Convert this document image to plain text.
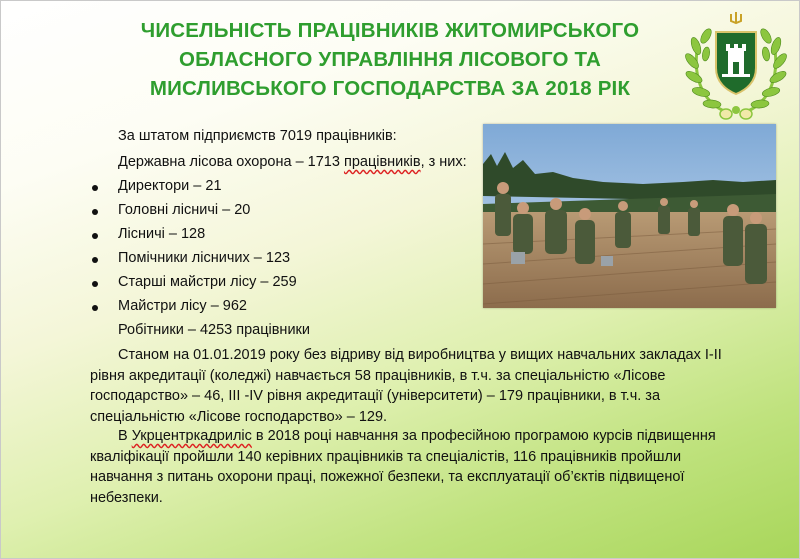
ЧИСЕЛЬНІСТЬ ПРАЦІВНИКІВ ЖИТОМИРСЬКОГО
ОБЛАСНОГО УПРАВЛІННЯ ЛІСОВОГО ТА
МИСЛИВСЬКОГО ГОСПОДАРСТВА ЗА 2018 РІК
За штатом підприємств 7019 працівників:
Державна лісова охорона – 1713 працівників, з них:
Директори – 21
Головні лісничі – 20
Лісничі – 128
Помічники лісничих – 123
Старші майстри лісу – 259
Майстри лісу – 962
Робітники – 4253 працівники
Станом на 01.01.2019 року без відриву від виробництва у вищих навчальних закладах І-ІІ
рівня акредитації (коледжі) навчається 58 працівників, в т.ч. за спеціальністю «Лісове
господарство» – 46, ІІІ -ІV рівня акредитації (університети) – 179 працівники, в т.ч. за
спеціальністю «Лісове господарство» – 129.
В Укрцентркадриліс в 2018 році навчання за професійною програмою курсів підвищення
кваліфікації пройшли 140 керівних працівників та спеціалістів, 116 працівників пройшли
навчання з питань охорони праці, пожежної безпеки, та експлуатації об’єктів підвищеної
небезпеки.
